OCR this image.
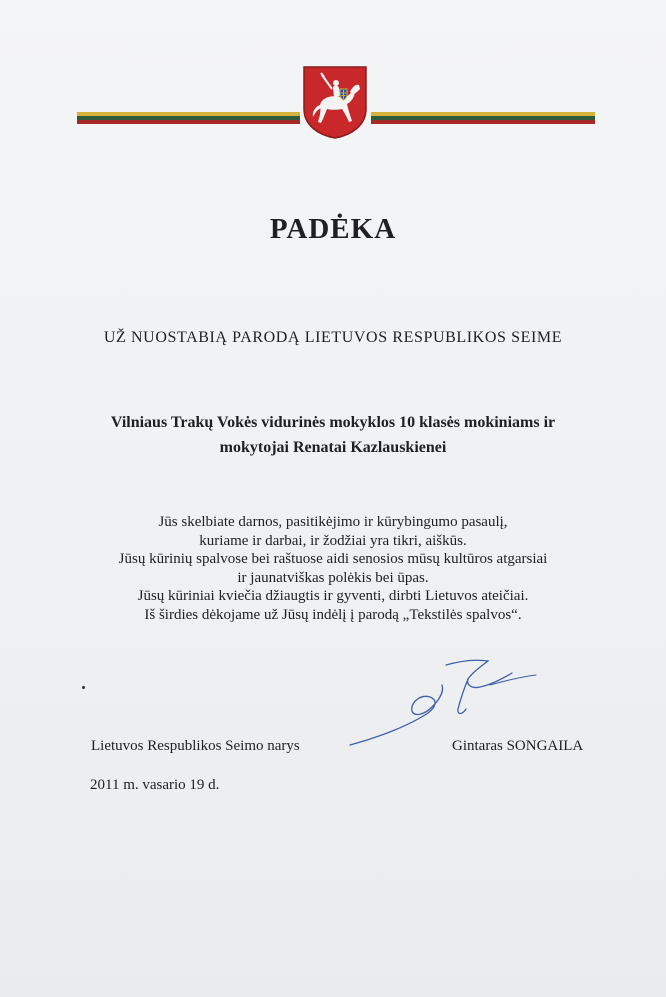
PADĖKA
UŽ NUOSTABIĄ PARODĄ LIETUVOS RESPUBLIKOS SEIME
Vilniaus Trakų Vokės vidurinės mokyklos 10 klasės mokiniams ir
mokytojai Renatai Kazlauskienei
Jūs skelbiate darnos, pasitikėjimo ir kūrybingumo pasaulį,
kuriame ir darbai, ir žodžiai yra tikri, aiškūs.
Jūsų kūrinių spalvose bei raštuose aidi senosios mūsų kultūros atgarsiai
ir jaunatviškas polėkis bei ūpas.
Jūsų kūriniai kviečia džiaugtis ir gyventi, dirbti Lietuvos ateičiai.
Iš širdies dėkojame už Jūsų indėlį į parodą „Tekstilės spalvos“.
Lietuvos Respublikos Seimo narys	Gintaras SONGAILA
2011 m. vasario 19 d.
